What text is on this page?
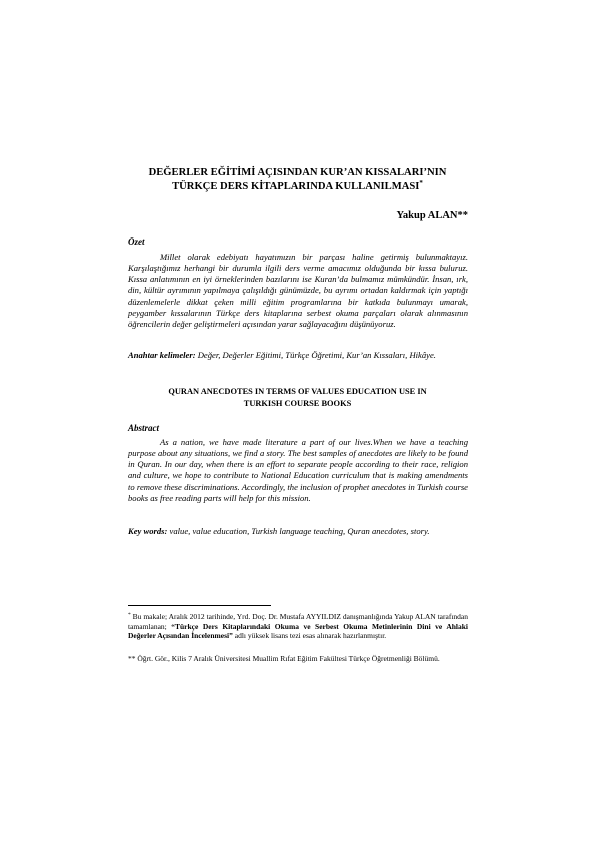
DEĞERLER EĞİTİMİ AÇISINDAN KUR’AN KISSALARI’NIN
TÜRKÇE DERS KİTAPLARINDA KULLANILMASI*
Yakup ALAN**
Özet
Millet olarak edebiyatı hayatımızın bir parçası haline getirmiş bulunmaktayız. Karşılaştığımız herhangi bir durumla ilgili ders verme amacımız olduğunda bir kıssa buluruz. Kıssa anlatımının en iyi örneklerinden bazılarını ise Kuran’da bulmamız mümkündür. İnsan, ırk, din, kültür ayrımının yapılmaya çalışıldığı günümüzde, bu ayrımı ortadan kaldırmak için yaptığı düzenlemelerle dikkat çeken milli eğitim programlarına bir katkıda bulunmayı umarak, peygamber kıssalarının Türkçe ders kitaplarına serbest okuma parçaları olarak alınmasının öğrencilerin değer geliştirmeleri açısından yarar sağlayacağını düşünüyoruz.
Anahtar kelimeler: Değer, Değerler Eğitimi, Türkçe Öğretimi, Kur’an Kıssaları, Hikâye.
QURAN ANECDOTES IN TERMS OF VALUES EDUCATION USE IN
TURKISH COURSE BOOKS
Abstract
As a nation, we have made literature a part of our lives.When we have a teaching purpose about any situations, we find a story. The best samples of anecdotes are likely to be found in Quran. In our day, when there is an effort to separate people according to their race, religion and culture, we hope to contribute to National Education curriculum that is making amendments to remove these discriminations. Accordingly, the inclusion of prophet anecdotes in Turkish course books as free reading parts will help for this mission.
Key words: value, value education, Turkish language teaching, Quran anecdotes, story.
* Bu makale; Aralık 2012 tarihinde, Yrd. Doç. Dr. Mustafa AYYILDIZ danışmanlığında Yakup ALAN tarafından tamamlanan; “Türkçe Ders Kitaplarındaki Okuma ve Serbest Okuma Metinlerinin Dini ve Ahlaki Değerler Açısından İncelenmesi” adlı yüksek lisans tezi esas alınarak hazırlanmıştır.
** Öğrt. Gör., Kilis 7 Aralık Üniversitesi Muallim Rıfat Eğitim Fakültesi Türkçe Öğretmenliği Bölümü.
